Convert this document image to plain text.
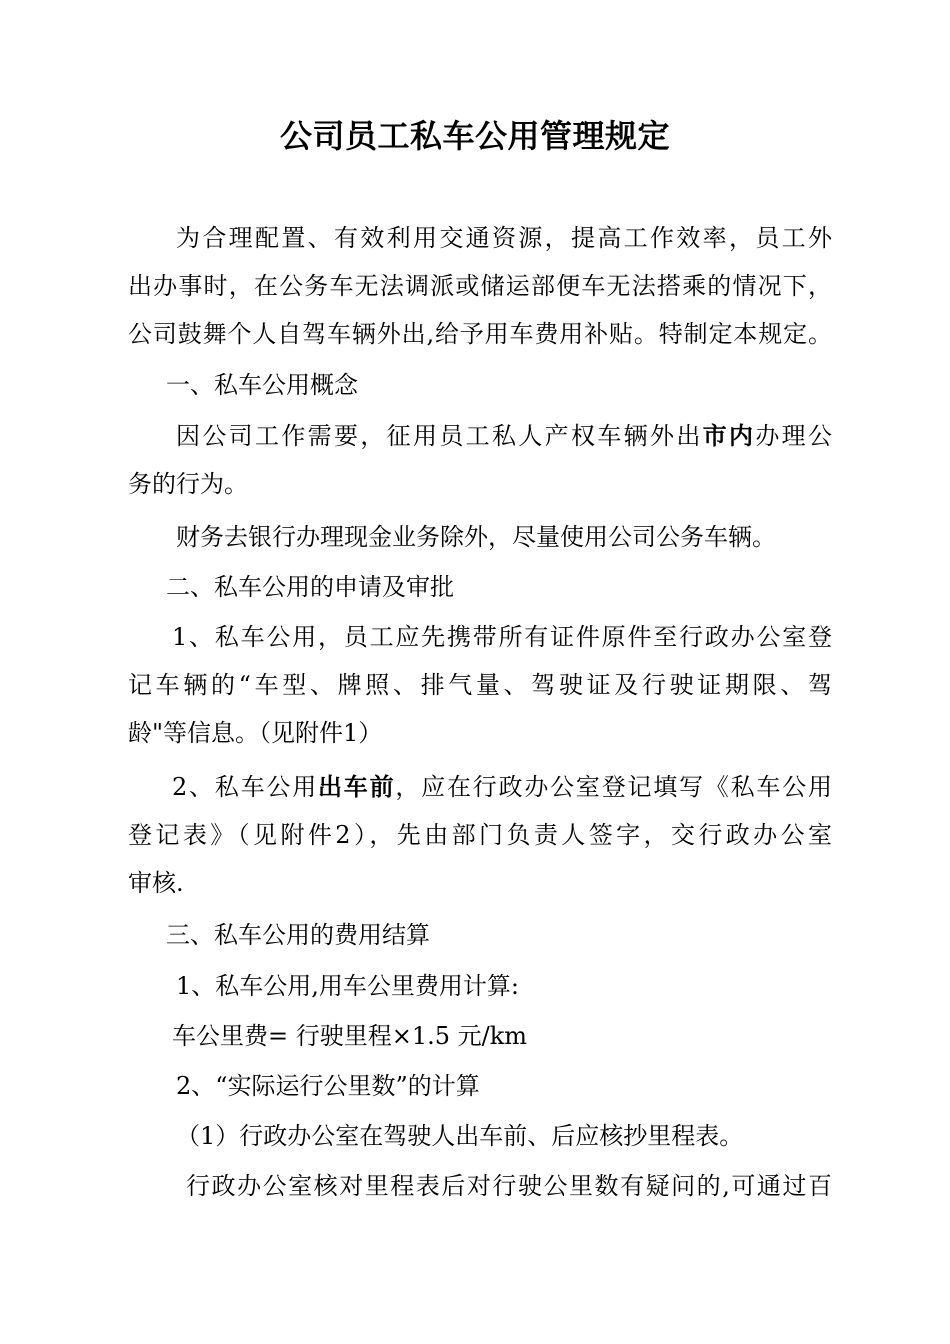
公司员工私车公用管理规定
为合理配置、有效利用交通资源，提高工作效率，员工外
出办事时，在公务车无法调派或储运部便车无法搭乘的情况下，
公司鼓舞个人自驾车辆外出,给予用车费用补贴。特制定本规定。
一、私车公用概念
因公司工作需要，征用员工私人产权车辆外出市内办理公
务的行为。
财务去银行办理现金业务除外，尽量使用公司公务车辆。
二、私车公用的申请及审批
1、私车公用，员工应先携带所有证件原件至行政办公室登
记车辆的“车型、牌照、排气量、驾驶证及行驶证期限、驾
龄"等信息。（见附件1）
2、私车公用出车前，应在行政办公室登记填写《私车公用
登记表》（见附件2），先由部门负责人签字，交行政办公室
审核.
三、私车公用的费用结算
1、私车公用,用车公里费用计算:
车公里费= 行驶里程×1.5 元/km
2、“实际运行公里数”的计算
（1）行政办公室在驾驶人出车前、后应核抄里程表。
行政办公室核对里程表后对行驶公里数有疑问的,可通过百
